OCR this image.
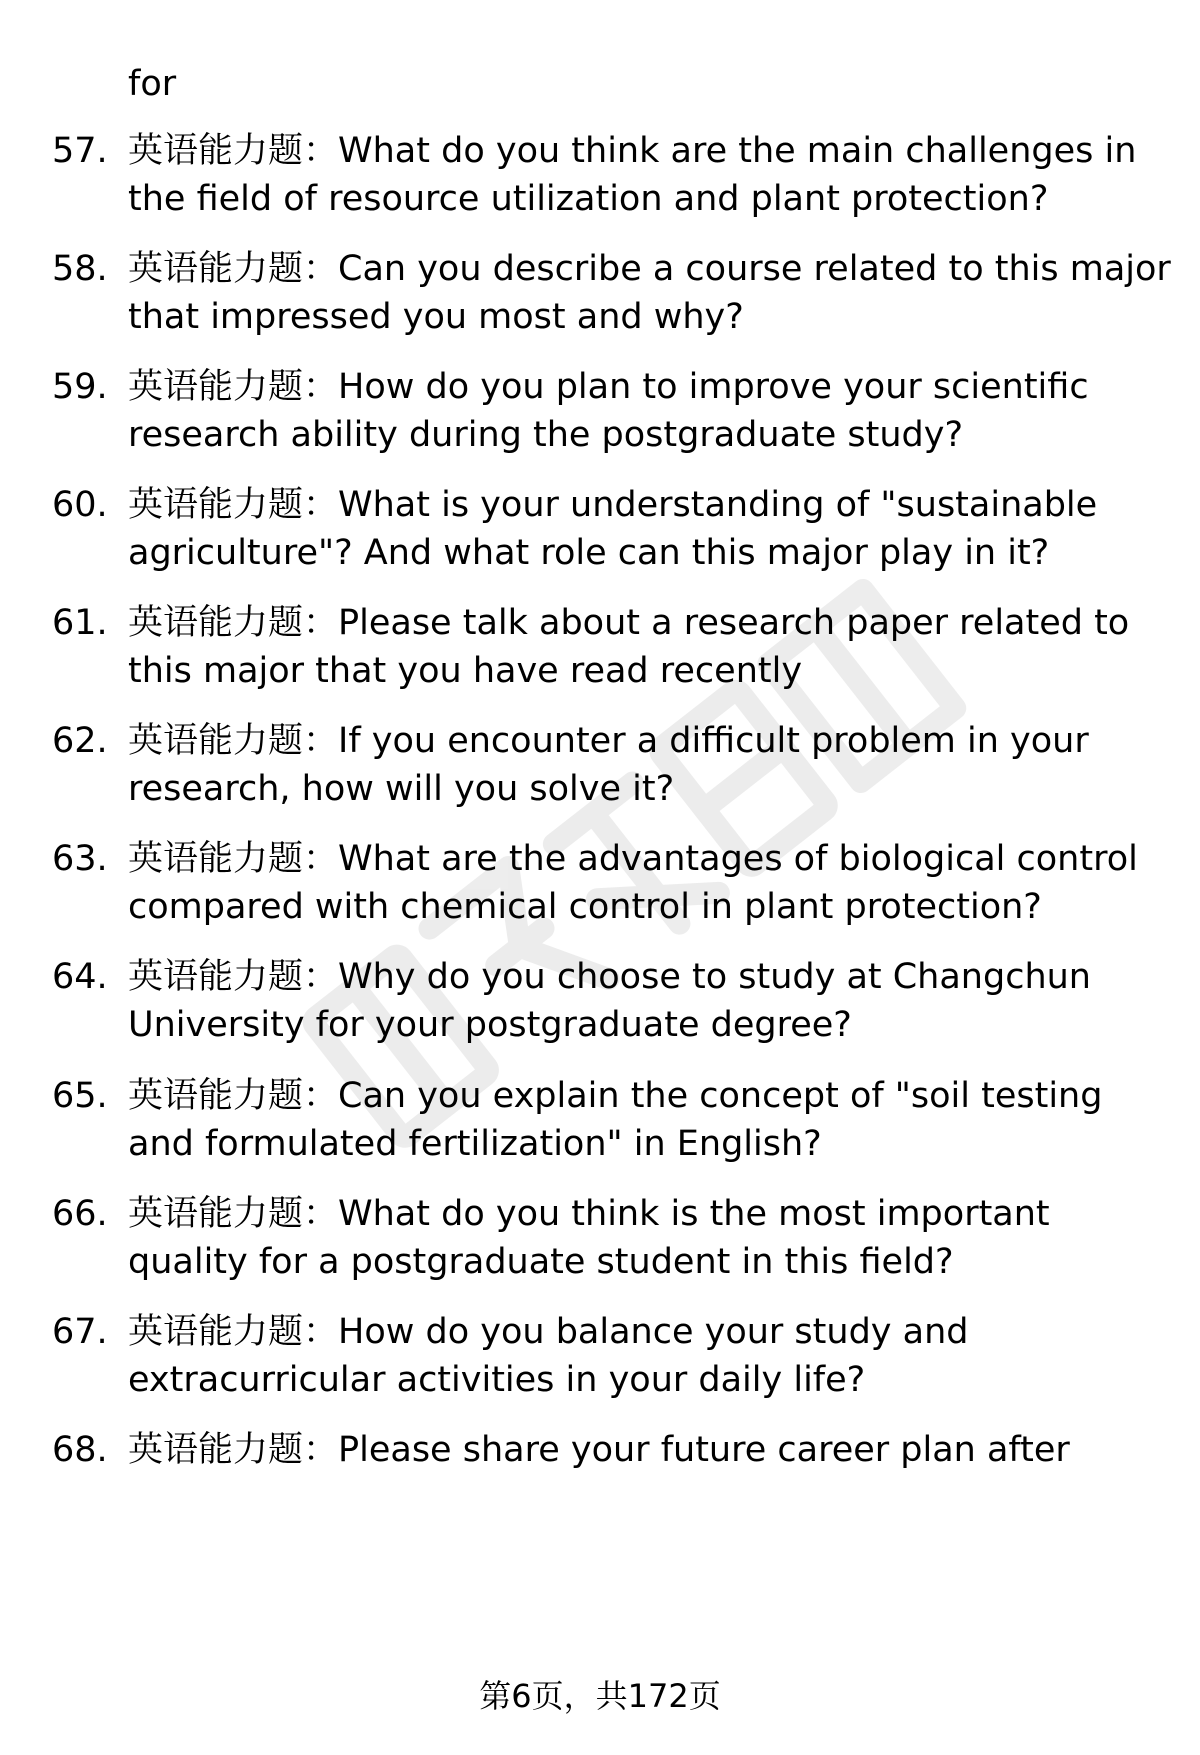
for
57. 英语能力题：What do you think are the main challenges in
the field of resource utilization and plant protection?
58. 英语能力题：Can you describe a course related to this major
that impressed you most and why?
59. 英语能力题：How do you plan to improve your scientific
research ability during the postgraduate study?
60. 英语能力题：What is your understanding of "sustainable
agriculture"? And what role can this major play in it?
61. 英语能力题：Please talk about a research paper related to
this major that you have read recently
62. 英语能力题：If you encounter a difficult problem in your
research, how will you solve it?
63. 英语能力题：What are the advantages of biological control
compared with chemical control in plant protection?
64. 英语能力题：Why do you choose to study at Changchun
University for your postgraduate degree?
65. 英语能力题：Can you explain the concept of "soil testing
and formulated fertilization" in English?
66. 英语能力题：What do you think is the most important
quality for a postgraduate student in this field?
67. 英语能力题：How do you balance your study and
extracurricular activities in your daily life?
68. 英语能力题：Please share your future career plan after
第6页，共172页
